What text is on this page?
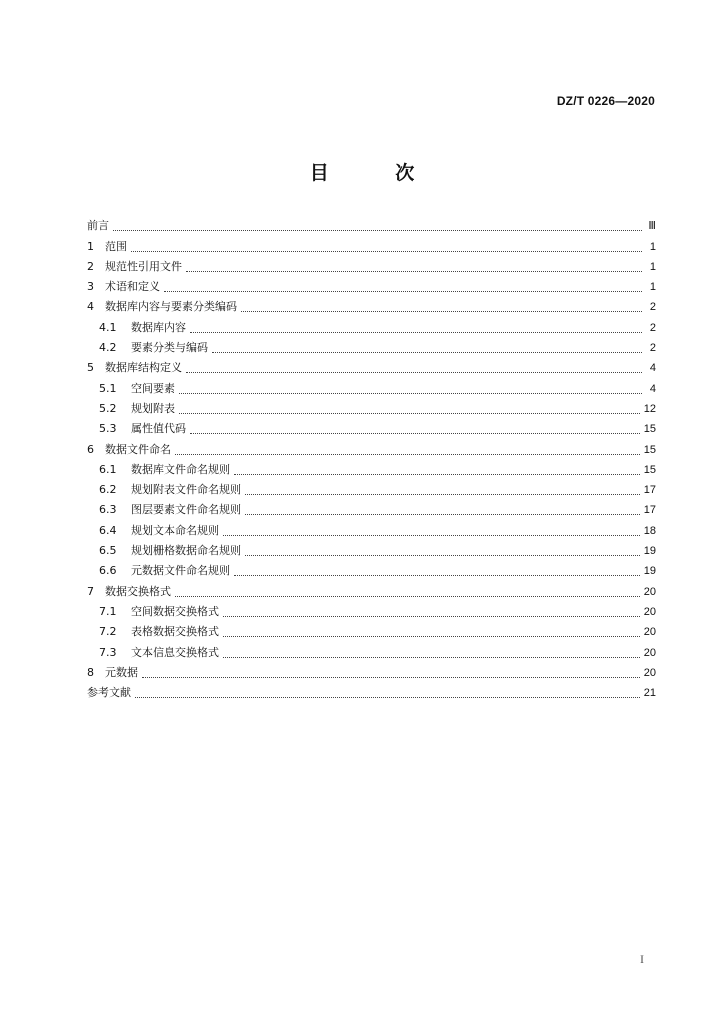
DZ/T 0226—2020
目 次
前言	Ⅲ
1	范围	1
2	规范性引用文件	1
3	术语和定义	1
4	数据库内容与要素分类编码	2
4.1	数据库内容	2
4.2	要素分类与编码	2
5	数据库结构定义	4
5.1	空间要素	4
5.2	规划附表	12
5.3	属性值代码	15
6	数据文件命名	15
6.1	数据库文件命名规则	15
6.2	规划附表文件命名规则	17
6.3	图层要素文件命名规则	17
6.4	规划文本命名规则	18
6.5	规划栅格数据命名规则	19
6.6	元数据文件命名规则	19
7	数据交换格式	20
7.1	空间数据交换格式	20
7.2	表格数据交换格式	20
7.3	文本信息交换格式	20
8	元数据	20
参考文献	21
I
